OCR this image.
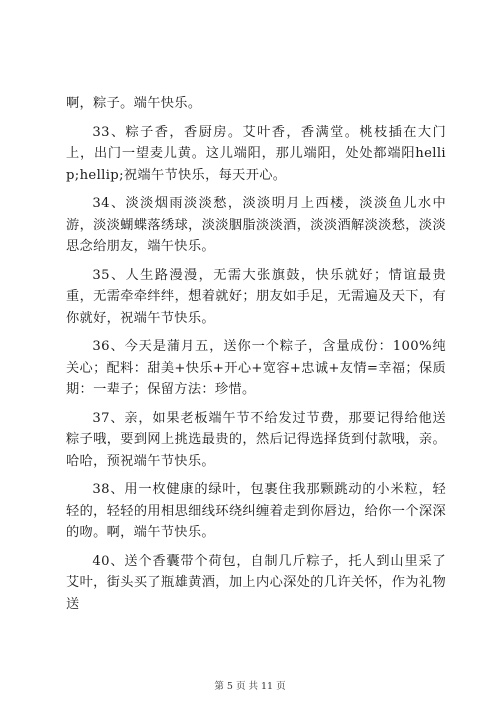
啊，粽子。端午快乐。

33、粽子香，香厨房。艾叶香，香满堂。桃枝插在大门上，出门一望麦儿黄。这儿端阳，那儿端阳，处处都端阳hellip;hellip;祝端午节快乐，每天开心。

34、淡淡烟雨淡淡愁，淡淡明月上西楼，淡淡鱼儿水中游，淡淡蝴蝶落绣球，淡淡胭脂淡淡酒，淡淡酒解淡淡愁，淡淡思念给朋友，端午快乐。

35、人生路漫漫，无需大张旗鼓，快乐就好；情谊最贵重，无需牵牵绊绊，想着就好；朋友如手足，无需遍及天下，有你就好，祝端午节快乐。

36、今天是蒲月五，送你一个粽子，含量成份：100%纯关心；配料：甜美+快乐+开心+宽容+忠诚+友情=幸福；保质期：一辈子；保留方法：珍惜。

37、亲，如果老板端午节不给发过节费，那要记得给他送粽子哦，要到网上挑选最贵的，然后记得选择货到付款哦，亲。哈哈，预祝端午节快乐。

38、用一枚健康的绿叶，包裹住我那颗跳动的小米粒，轻轻的，轻轻的用相思细线环绕纠缠着走到你唇边，给你一个深深的吻。啊，端午节快乐。

40、送个香囊带个荷包，自制几斤粽子，托人到山里采了艾叶，街头买了瓶雄黄酒，加上内心深处的几许关怀，作为礼物送

第 5 页 共 11 页
